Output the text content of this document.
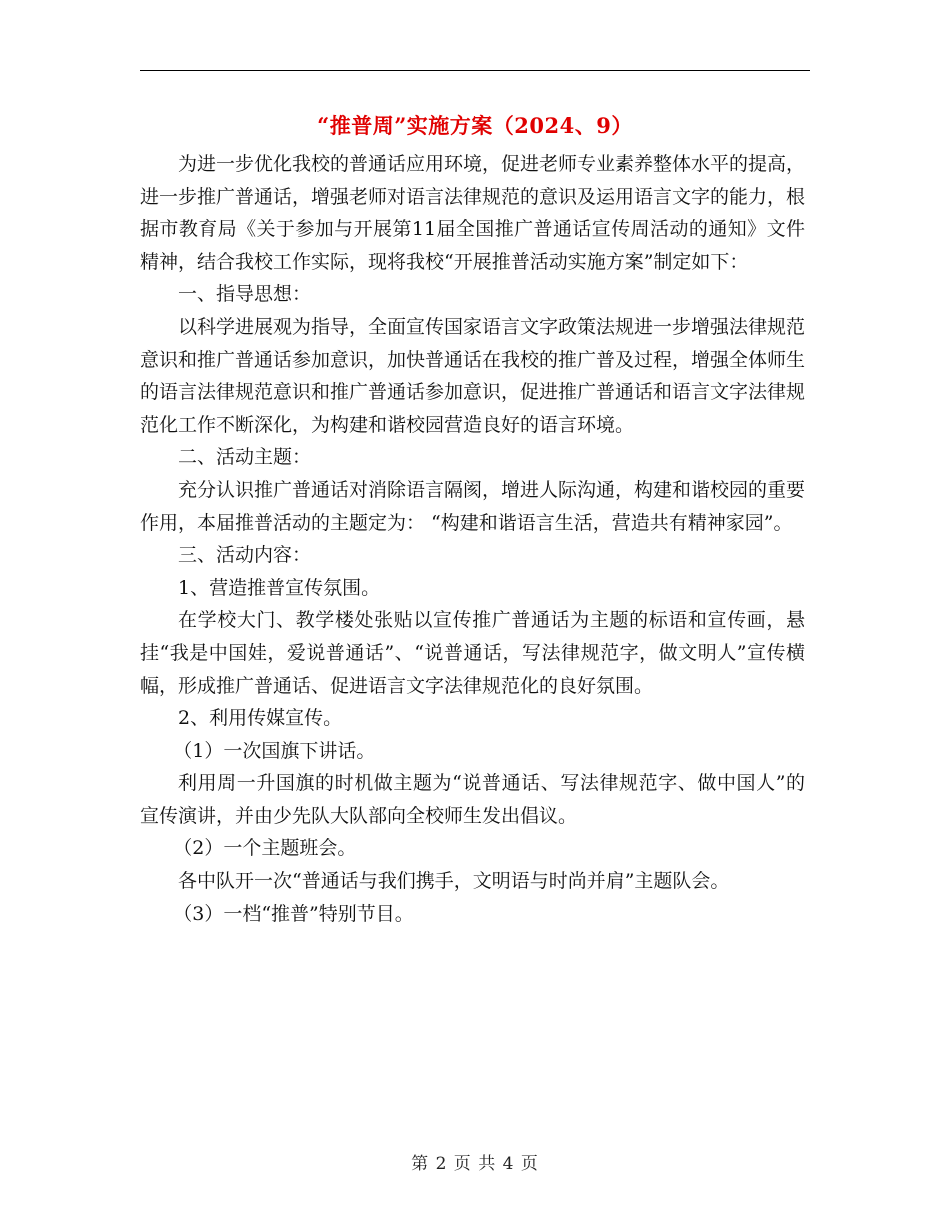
“推普周”实施方案（2024、9）

为进一步优化我校的普通话应用环境，促进老师专业素养整体水平的提高，进一步推广普通话，增强老师对语言法律规范的意识及运用语言文字的能力，根据市教育局《关于参加与开展第11届全国推广普通话宣传周活动的通知》文件精神，结合我校工作实际，现将我校“开展推普活动实施方案”制定如下：

一、指导思想：

以科学进展观为指导，全面宣传国家语言文字政策法规进一步增强法律规范意识和推广普通话参加意识，加快普通话在我校的推广普及过程，增强全体师生的语言法律规范意识和推广普通话参加意识，促进推广普通话和语言文字法律规范化工作不断深化，为构建和谐校园营造良好的语言环境。

二、活动主题：

充分认识推广普通话对消除语言隔阂，增进人际沟通，构建和谐校园的重要作用，本届推普活动的主题定为： “构建和谐语言生活，营造共有精神家园”。

三、活动内容：

1、营造推普宣传氛围。

在学校大门、教学楼处张贴以宣传推广普通话为主题的标语和宣传画，悬挂“我是中国娃，爱说普通话”、“说普通话，写法律规范字，做文明人”宣传横幅，形成推广普通话、促进语言文字法律规范化的良好氛围。

2、利用传媒宣传。

（1）一次国旗下讲话。

利用周一升国旗的时机做主题为“说普通话、写法律规范字、做中国人”的宣传演讲，并由少先队大队部向全校师生发出倡议。

（2）一个主题班会。

各中队开一次“普通话与我们携手，文明语与时尚并肩”主题队会。

（3）一档“推普”特别节目。

第 2 页 共 4 页
